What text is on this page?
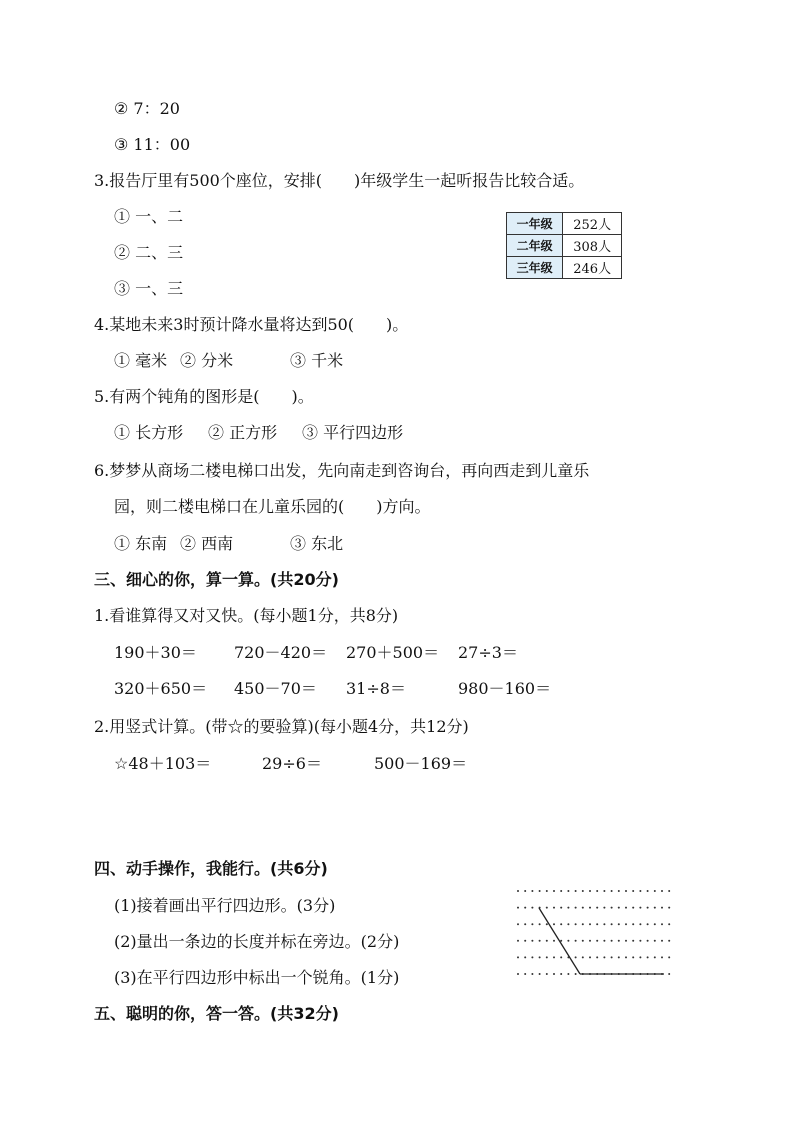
② 7：20
③ 11：00
3.报告厅里有500个座位，安排(　　)年级学生一起听报告比较合适。
① 一、二
② 二、三
③ 一、三
一年级	252人
二年级	308人
三年级	246人
4.某地未来3时预计降水量将达到50(　　)。
① 毫米 ② 分米	③ 千米
5.有两个钝角的图形是(　　)。
① 长方形 ② 正方形 ③ 平行四边形
6.梦梦从商场二楼电梯口出发，先向南走到咨询台，再向西走到儿童乐
园，则二楼电梯口在儿童乐园的(　　)方向。
① 东南 ② 西南	③ 东北
三、细心的你，算一算。(共20分)
1.看谁算得又对又快。(每小题1分，共8分)
190＋30＝ 720－420＝ 270＋500＝ 27÷3＝
320＋650＝ 450－70＝ 31÷8＝	980－160＝
2.用竖式计算。(带☆的要验算)(每小题4分，共12分)
☆48＋103＝	29÷6＝	500－169＝
四、动手操作，我能行。(共6分)
(1)接着画出平行四边形。(3分)
(2)量出一条边的长度并标在旁边。(2分)
(3)在平行四边形中标出一个锐角。(1分)
五、聪明的你，答一答。(共32分)
